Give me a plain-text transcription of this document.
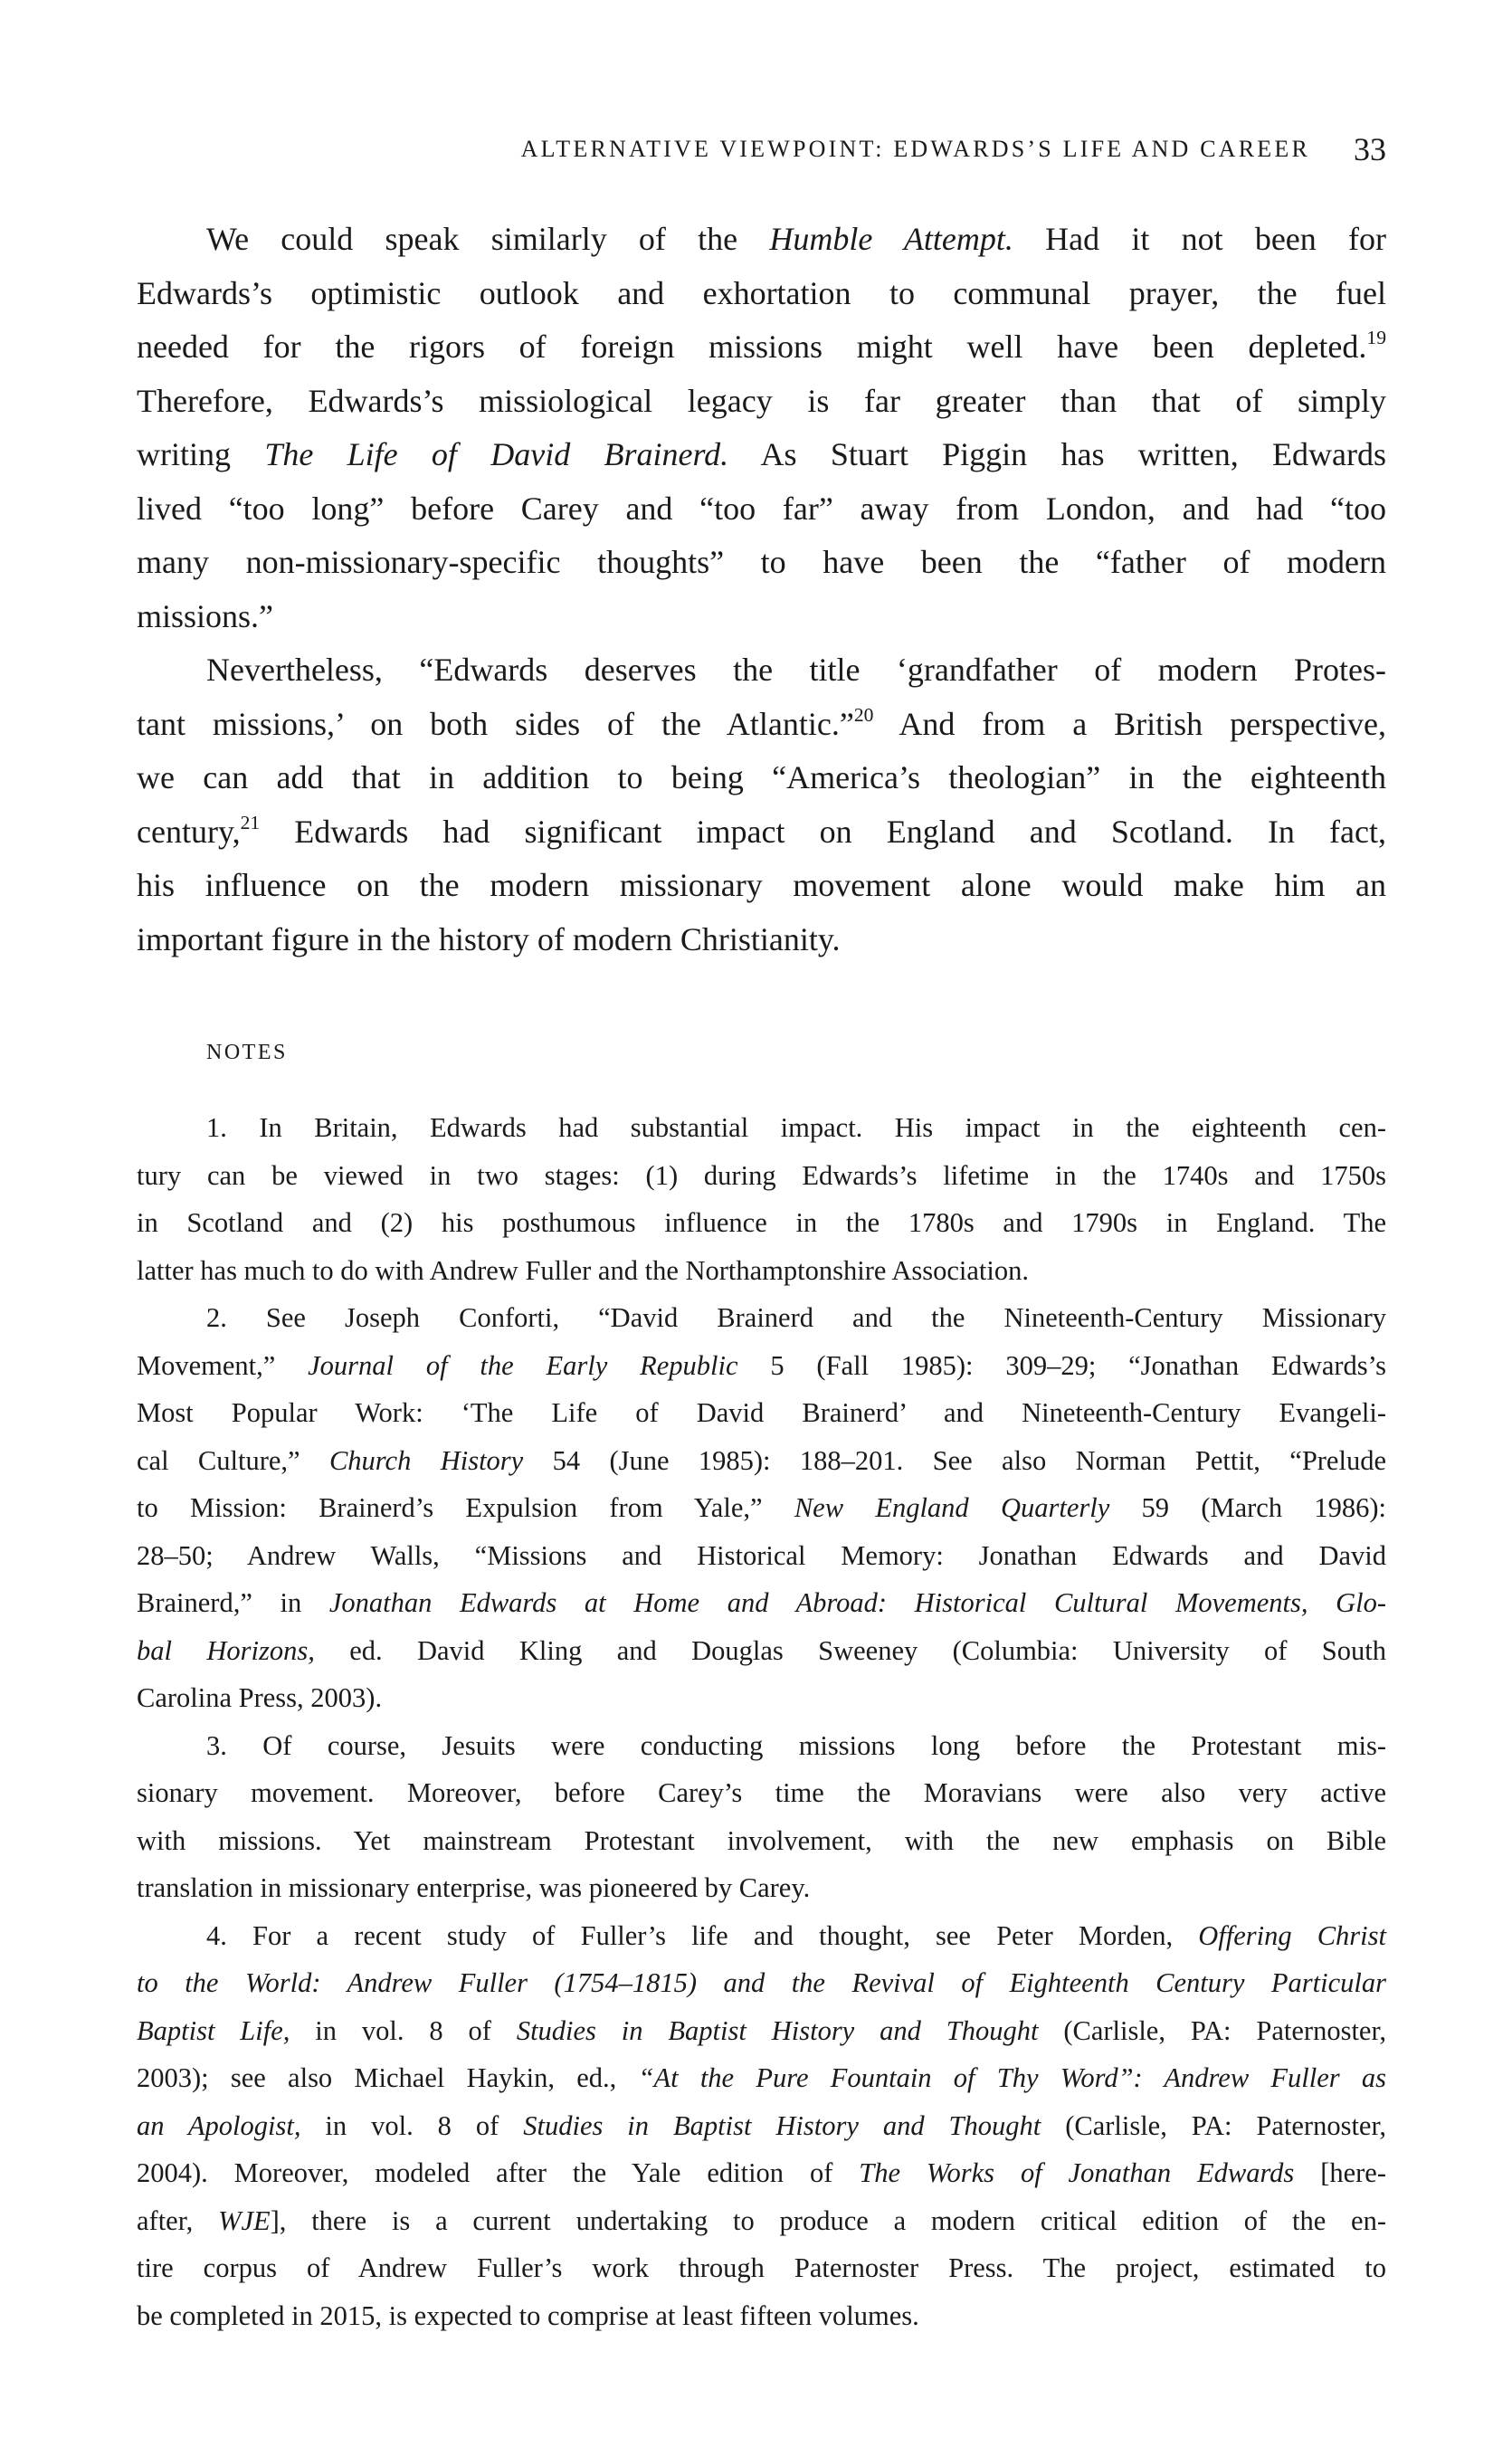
ALTERNATIVE VIEWPOINT: EDWARDS’S LIFE AND CAREER 33
We could speak similarly of the Humble Attempt. Had it not been for
Edwards’s optimistic outlook and exhortation to communal prayer, the fuel
needed for the rigors of foreign missions might well have been depleted.$^{19}$
Therefore, Edwards’s missiological legacy is far greater than that of simply
writing The Life of David Brainerd. As Stuart Piggin has written, Edwards
lived “too long” before Carey and “too far” away from London, and had “too
many non-missionary-specific thoughts” to have been the “father of modern
missions.”
Nevertheless, “Edwards deserves the title ‘grandfather of modern Protes-
tant missions,’ on both sides of the Atlantic.”$^{20}$ And from a British perspective,
we can add that in addition to being “America’s theologian” in the eighteenth
century,$^{21}$ Edwards had significant impact on England and Scotland. In fact,
his influence on the modern missionary movement alone would make him an
important figure in the history of modern Christianity.
NOTES
1. In Britain, Edwards had substantial impact. His impact in the eighteenth cen-
tury can be viewed in two stages: (1) during Edwards’s lifetime in the 1740s and 1750s
in Scotland and (2) his posthumous influence in the 1780s and 1790s in England. The
latter has much to do with Andrew Fuller and the Northamptonshire Association.
2. See Joseph Conforti, “David Brainerd and the Nineteenth-Century Missionary
Movement,” Journal of the Early Republic 5 (Fall 1985): 309–29; “Jonathan Edwards’s
Most Popular Work: ‘The Life of David Brainerd’ and Nineteenth-Century Evangeli-
cal Culture,” Church History 54 (June 1985): 188–201. See also Norman Pettit, “Prelude
to Mission: Brainerd’s Expulsion from Yale,” New England Quarterly 59 (March 1986):
28–50; Andrew Walls, “Missions and Historical Memory: Jonathan Edwards and David
Brainerd,” in Jonathan Edwards at Home and Abroad: Historical Cultural Movements, Glo-
bal Horizons, ed. David Kling and Douglas Sweeney (Columbia: University of South
Carolina Press, 2003).
3. Of course, Jesuits were conducting missions long before the Protestant mis-
sionary movement. Moreover, before Carey’s time the Moravians were also very active
with missions. Yet mainstream Protestant involvement, with the new emphasis on Bible
translation in missionary enterprise, was pioneered by Carey.
4. For a recent study of Fuller’s life and thought, see Peter Morden, Offering Christ
to the World: Andrew Fuller (1754–1815) and the Revival of Eighteenth Century Particular
Baptist Life, in vol. 8 of Studies in Baptist History and Thought (Carlisle, PA: Paternoster,
2003); see also Michael Haykin, ed., “At the Pure Fountain of Thy Word”: Andrew Fuller as
an Apologist, in vol. 8 of Studies in Baptist History and Thought (Carlisle, PA: Paternoster,
2004). Moreover, modeled after the Yale edition of The Works of Jonathan Edwards [here-
after, WJE], there is a current undertaking to produce a modern critical edition of the en-
tire corpus of Andrew Fuller’s work through Paternoster Press. The project, estimated to
be completed in 2015, is expected to comprise at least fifteen volumes.
